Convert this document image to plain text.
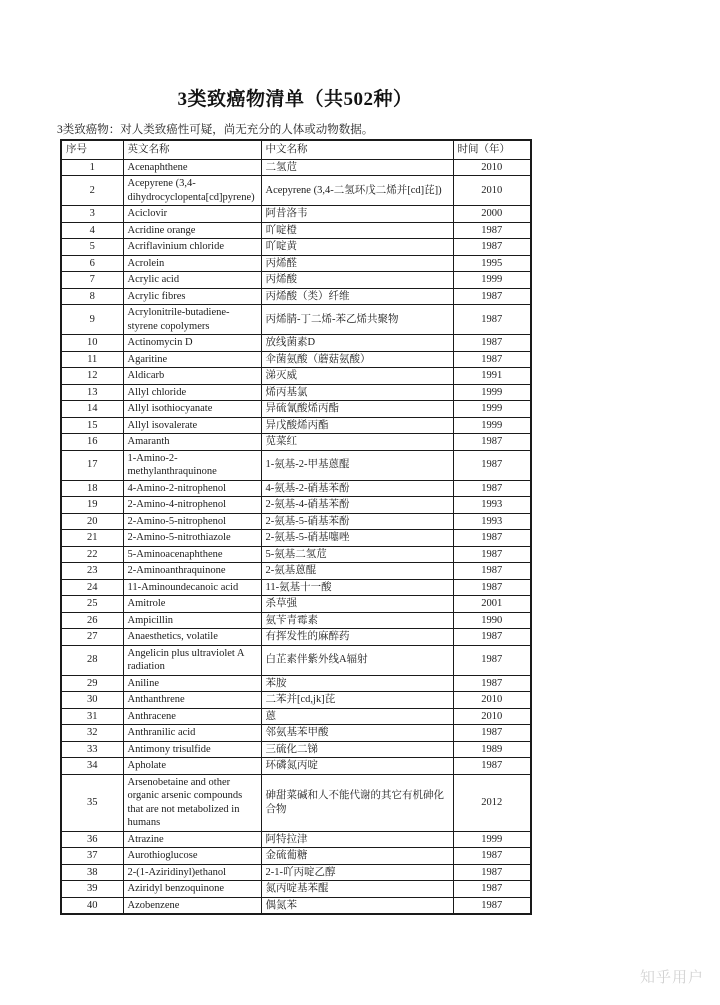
3类致癌物清单（共502种）

3类致癌物：对人类致癌性可疑，尚无充分的人体或动物数据。

序号	英文名称	中文名称	时间（年）
1	Acenaphthene	二氢苊	2010
2	Acepyrene (3,4-dihydrocyclopenta[cd]pyrene)	Acepyrene (3,4-二氢环戊二烯并[cd]芘])	2010
3	Aciclovir	阿昔洛韦	2000
4	Acridine orange	吖啶橙	1987
5	Acriflavinium chloride	吖啶黄	1987
6	Acrolein	丙烯醛	1995
7	Acrylic acid	丙烯酸	1999
8	Acrylic fibres	丙烯酸（类）纤维	1987
9	Acrylonitrile-butadiene-styrene copolymers	丙烯腈-丁二烯-苯乙烯共聚物	1987
10	Actinomycin D	放线菌素D	1987
11	Agaritine	伞菌氨酸（蘑菇氨酸）	1987
12	Aldicarb	涕灭威	1991
13	Allyl chloride	烯丙基氯	1999
14	Allyl isothiocyanate	异硫氰酸烯丙酯	1999
15	Allyl isovalerate	异戊酸烯丙酯	1999
16	Amaranth	苋菜红	1987
17	1-Amino-2-methylanthraquinone	1-氨基-2-甲基蒽醌	1987
18	4-Amino-2-nitrophenol	4-氨基-2-硝基苯酚	1987
19	2-Amino-4-nitrophenol	2-氨基-4-硝基苯酚	1993
20	2-Amino-5-nitrophenol	2-氨基-5-硝基苯酚	1993
21	2-Amino-5-nitrothiazole	2-氨基-5-硝基噻唑	1987
22	5-Aminoacenaphthene	5-氨基二氢苊	1987
23	2-Aminoanthraquinone	2-氨基蒽醌	1987
24	11-Aminoundecanoic acid	11-氨基十一酸	1987
25	Amitrole	杀草强	2001
26	Ampicillin	氨苄青霉素	1990
27	Anaesthetics, volatile	有挥发性的麻醉药	1987
28	Angelicin plus ultraviolet A radiation	白芷素伴紫外线A辐射	1987
29	Aniline	苯胺	1987
30	Anthanthrene	二苯并[cd,jk]芘	2010
31	Anthracene	蒽	2010
32	Anthranilic acid	邻氨基苯甲酸	1987
33	Antimony trisulfide	三硫化二锑	1989
34	Apholate	环磷氮丙啶	1987
35	Arsenobetaine and other organic arsenic compounds that are not metabolized in humans	砷甜菜碱和人不能代谢的其它有机砷化合物	2012
36	Atrazine	阿特拉津	1999
37	Aurothioglucose	金硫葡糖	1987
38	2-(1-Aziridinyl)ethanol	2-1-吖丙啶乙醇	1987
39	Aziridyl benzoquinone	氮丙啶基苯醌	1987
40	Azobenzene	偶氮苯	1987
知乎用户
